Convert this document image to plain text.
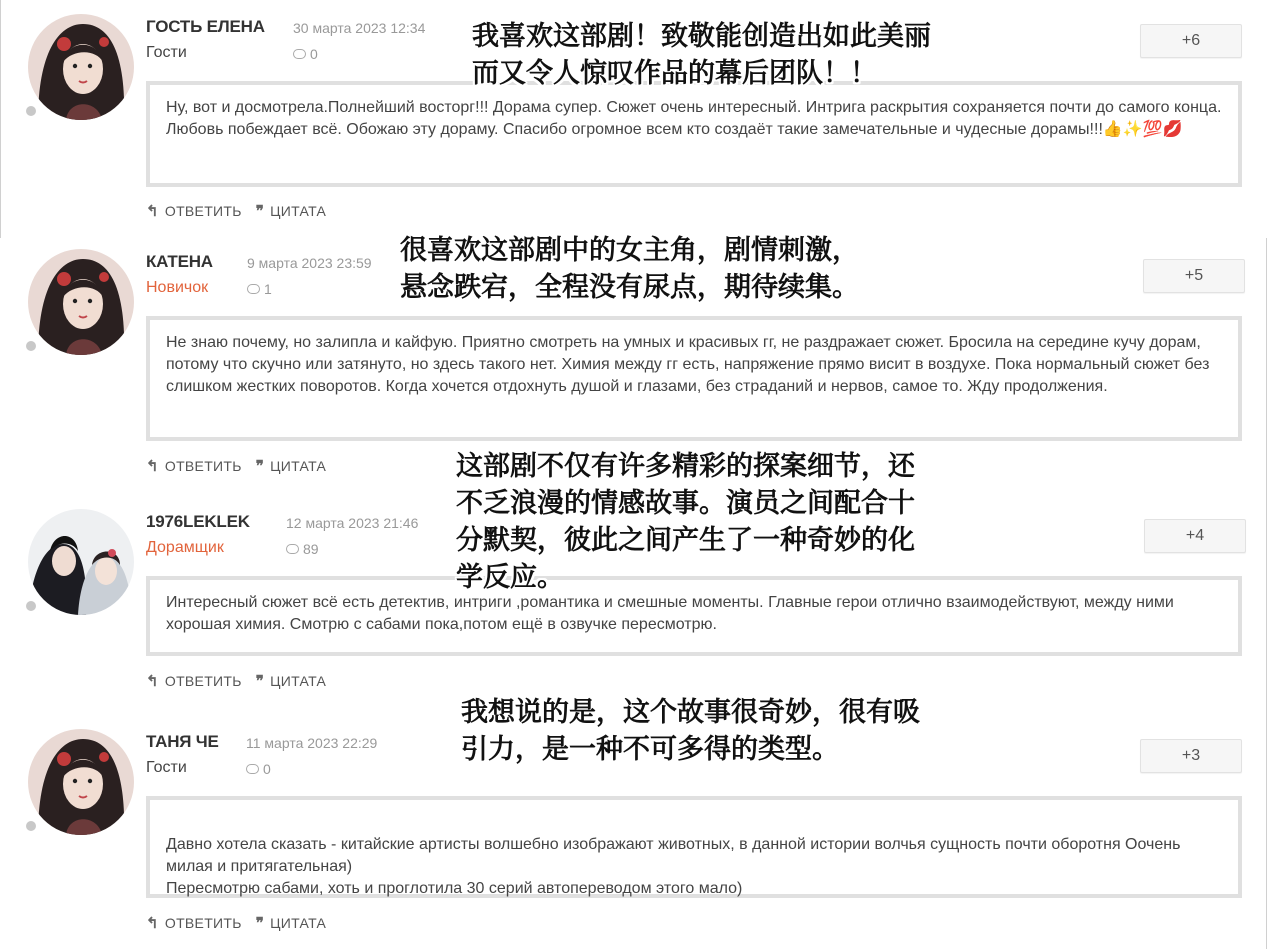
ГОСТЬ ЕЛЕНА 30 марта 2023 12:34
Гости	0
+6
Ну, вот и досмотрела.Полнейший восторг!!! Дорама супер. Сюжет очень интересный. Интрига раскрытия сохраняется почти до самого конца. Любовь побеждает всё. Обожаю эту дораму. Спасибо огромное всем кто создаёт такие замечательные и чудесные дорамы!!!👍✨💯💋
↰ ОТВЕТИТЬ ❞ ЦИТАТА
我喜欢这部剧！致敬能创造出如此美丽
而又令人惊叹作品的幕后团队！！
КАТЕНА 9 марта 2023 23:59
Новичок	1
+5
Не знаю почему, но залипла и кайфую. Приятно смотреть на умных и красивых гг, не раздражает сюжет. Бросила на середине кучу дорам, потому что скучно или затянуто, но здесь такого нет. Химия между гг есть, напряжение прямо висит в воздухе. Пока нормальный сюжет без слишком жестких поворотов. Когда хочется отдохнуть душой и глазами, без страданий и нервов, самое то. Жду продолжения.
↰ ОТВЕТИТЬ ❞ ЦИТАТА
很喜欢这部剧中的女主角，剧情刺激，
悬念跌宕，全程没有尿点，期待续集。
1976LEKLEK	12 марта 2023 21:46
Дорамщик	89
+4
Интересный сюжет всё есть детектив, интриги ,романтика и смешные моменты. Главные герои отлично взаимодействуют, между ними хорошая химия. Смотрю с сабами пока,потом ещё в озвучке пересмотрю.
↰ ОТВЕТИТЬ ❞ ЦИТАТА
这部剧不仅有许多精彩的探案细节，还
不乏浪漫的情感故事。演员之间配合十
分默契，彼此之间产生了一种奇妙的化
学反应。
ТАНЯ ЧЕ 11 марта 2023 22:29
Гости	0
+3

Давно хотела сказать - китайские артисты волшебно изображают животных, в данной истории волчья сущность почти оборотня Оочень милая и притягательная)
Пересмотрю сабами, хоть и проглотила 30 серий автопереводом этого мало)

↰ ОТВЕТИТЬ ❞ ЦИТАТА
我想说的是，这个故事很奇妙，很有吸
引力，是一种不可多得的类型。
